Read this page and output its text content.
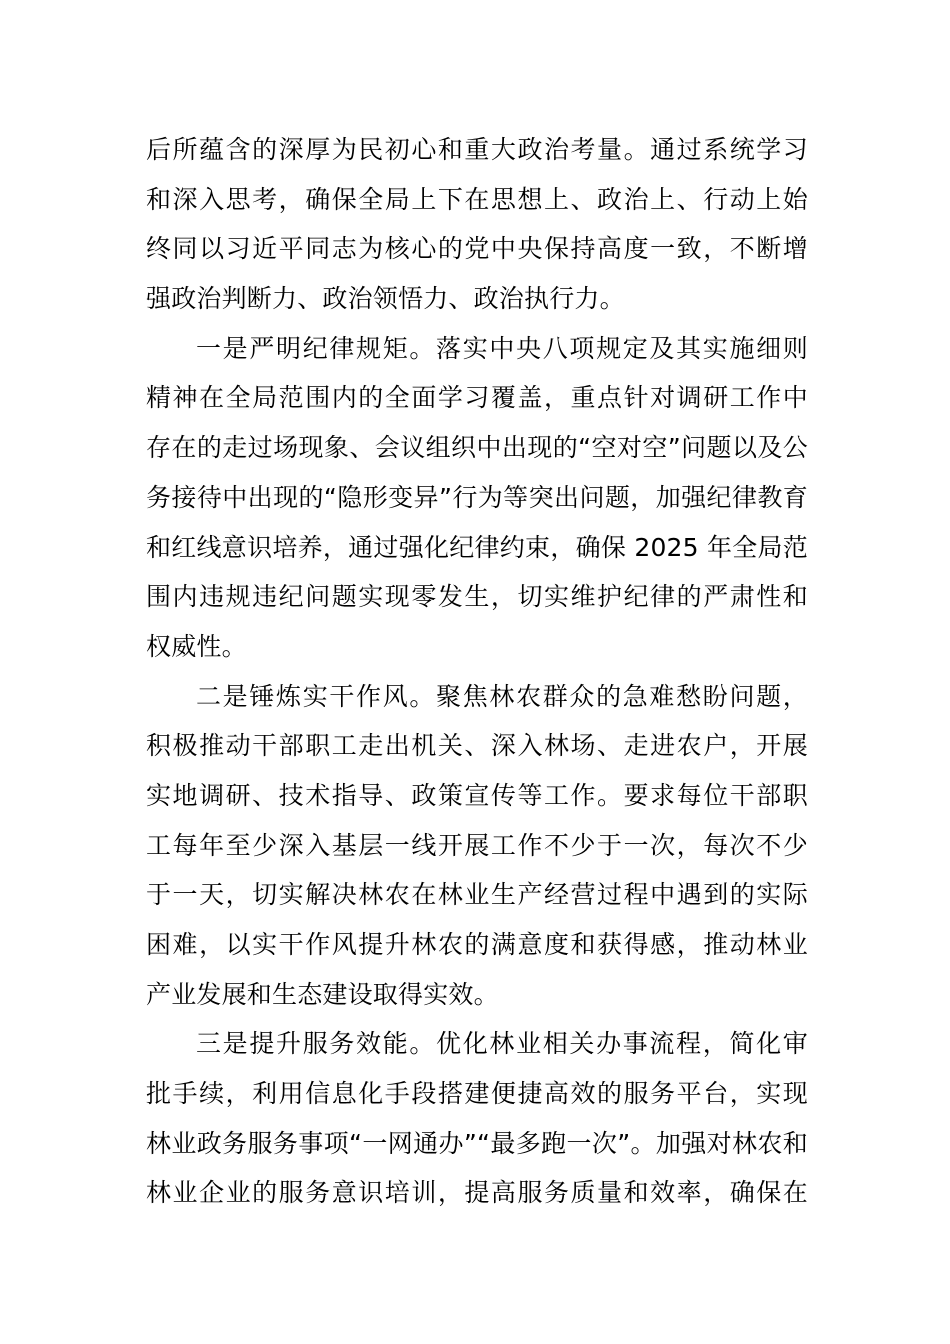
后所蕴含的深厚为民初心和重大政治考量。通过系统学习
和深入思考，确保全局上下在思想上、政治上、行动上始
终同以习近平同志为核心的党中央保持高度一致，不断增
强政治判断力、政治领悟力、政治执行力。
一是严明纪律规矩。落实中央八项规定及其实施细则
精神在全局范围内的全面学习覆盖，重点针对调研工作中
存在的走过场现象、会议组织中出现的“空对空”问题以及公
务接待中出现的“隐形变异”行为等突出问题，加强纪律教育
和红线意识培养，通过强化纪律约束，确保 2025 年全局范
围内违规违纪问题实现零发生，切实维护纪律的严肃性和
权威性。
二是锤炼实干作风。聚焦林农群众的急难愁盼问题，
积极推动干部职工走出机关、深入林场、走进农户，开展
实地调研、技术指导、政策宣传等工作。要求每位干部职
工每年至少深入基层一线开展工作不少于一次，每次不少
于一天，切实解决林农在林业生产经营过程中遇到的实际
困难，以实干作风提升林农的满意度和获得感，推动林业
产业发展和生态建设取得实效。
三是提升服务效能。优化林业相关办事流程，简化审
批手续，利用信息化手段搭建便捷高效的服务平台，实现
林业政务服务事项“一网通办”“最多跑一次”。加强对林农和
林业企业的服务意识培训，提高服务质量和效率，确保在
